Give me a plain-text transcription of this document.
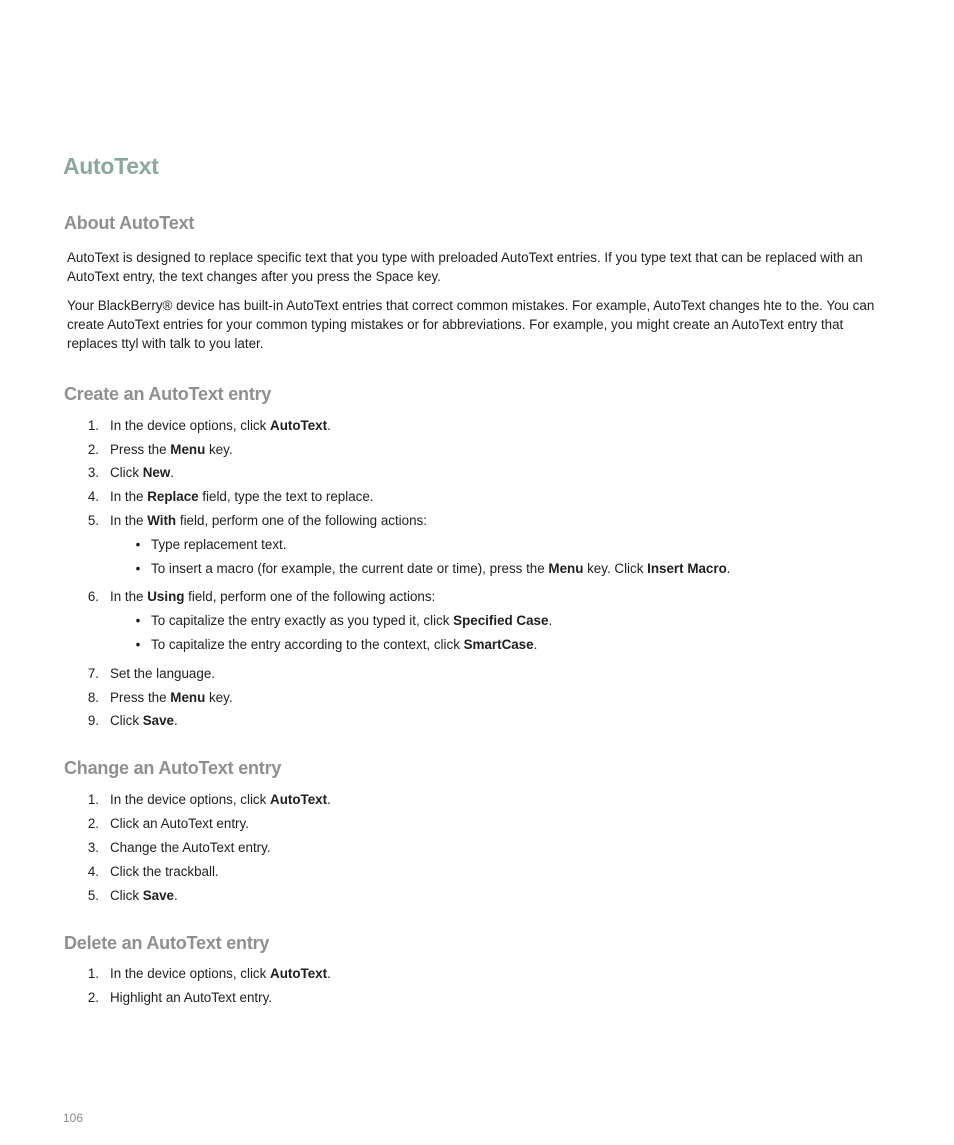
AutoText
About AutoText

AutoText is designed to replace specific text that you type with preloaded AutoText entries. If you type text that can be replaced with an AutoText entry, the text changes after you press the Space key.

Your BlackBerry® device has built-in AutoText entries that correct common mistakes. For example, AutoText changes hte to the. You can create AutoText entries for your common typing mistakes or for abbreviations. For example, you might create an AutoText entry that replaces ttyl with talk to you later.

Create an AutoText entry
1. In the device options, click AutoText.
2. Press the Menu key.
3. Click New.
4. In the Replace field, type the text to replace.
5. In the With field, perform one of the following actions:
• Type replacement text.
• To insert a macro (for example, the current date or time), press the Menu key. Click Insert Macro.
6. In the Using field, perform one of the following actions:
• To capitalize the entry exactly as you typed it, click Specified Case.
• To capitalize the entry according to the context, click SmartCase.
7. Set the language.
8. Press the Menu key.
9. Click Save.
Change an AutoText entry
1. In the device options, click AutoText.
2. Click an AutoText entry.
3. Change the AutoText entry.
4. Click the trackball.
5. Click Save.
Delete an AutoText entry
1. In the device options, click AutoText.
2. Highlight an AutoText entry.
106
